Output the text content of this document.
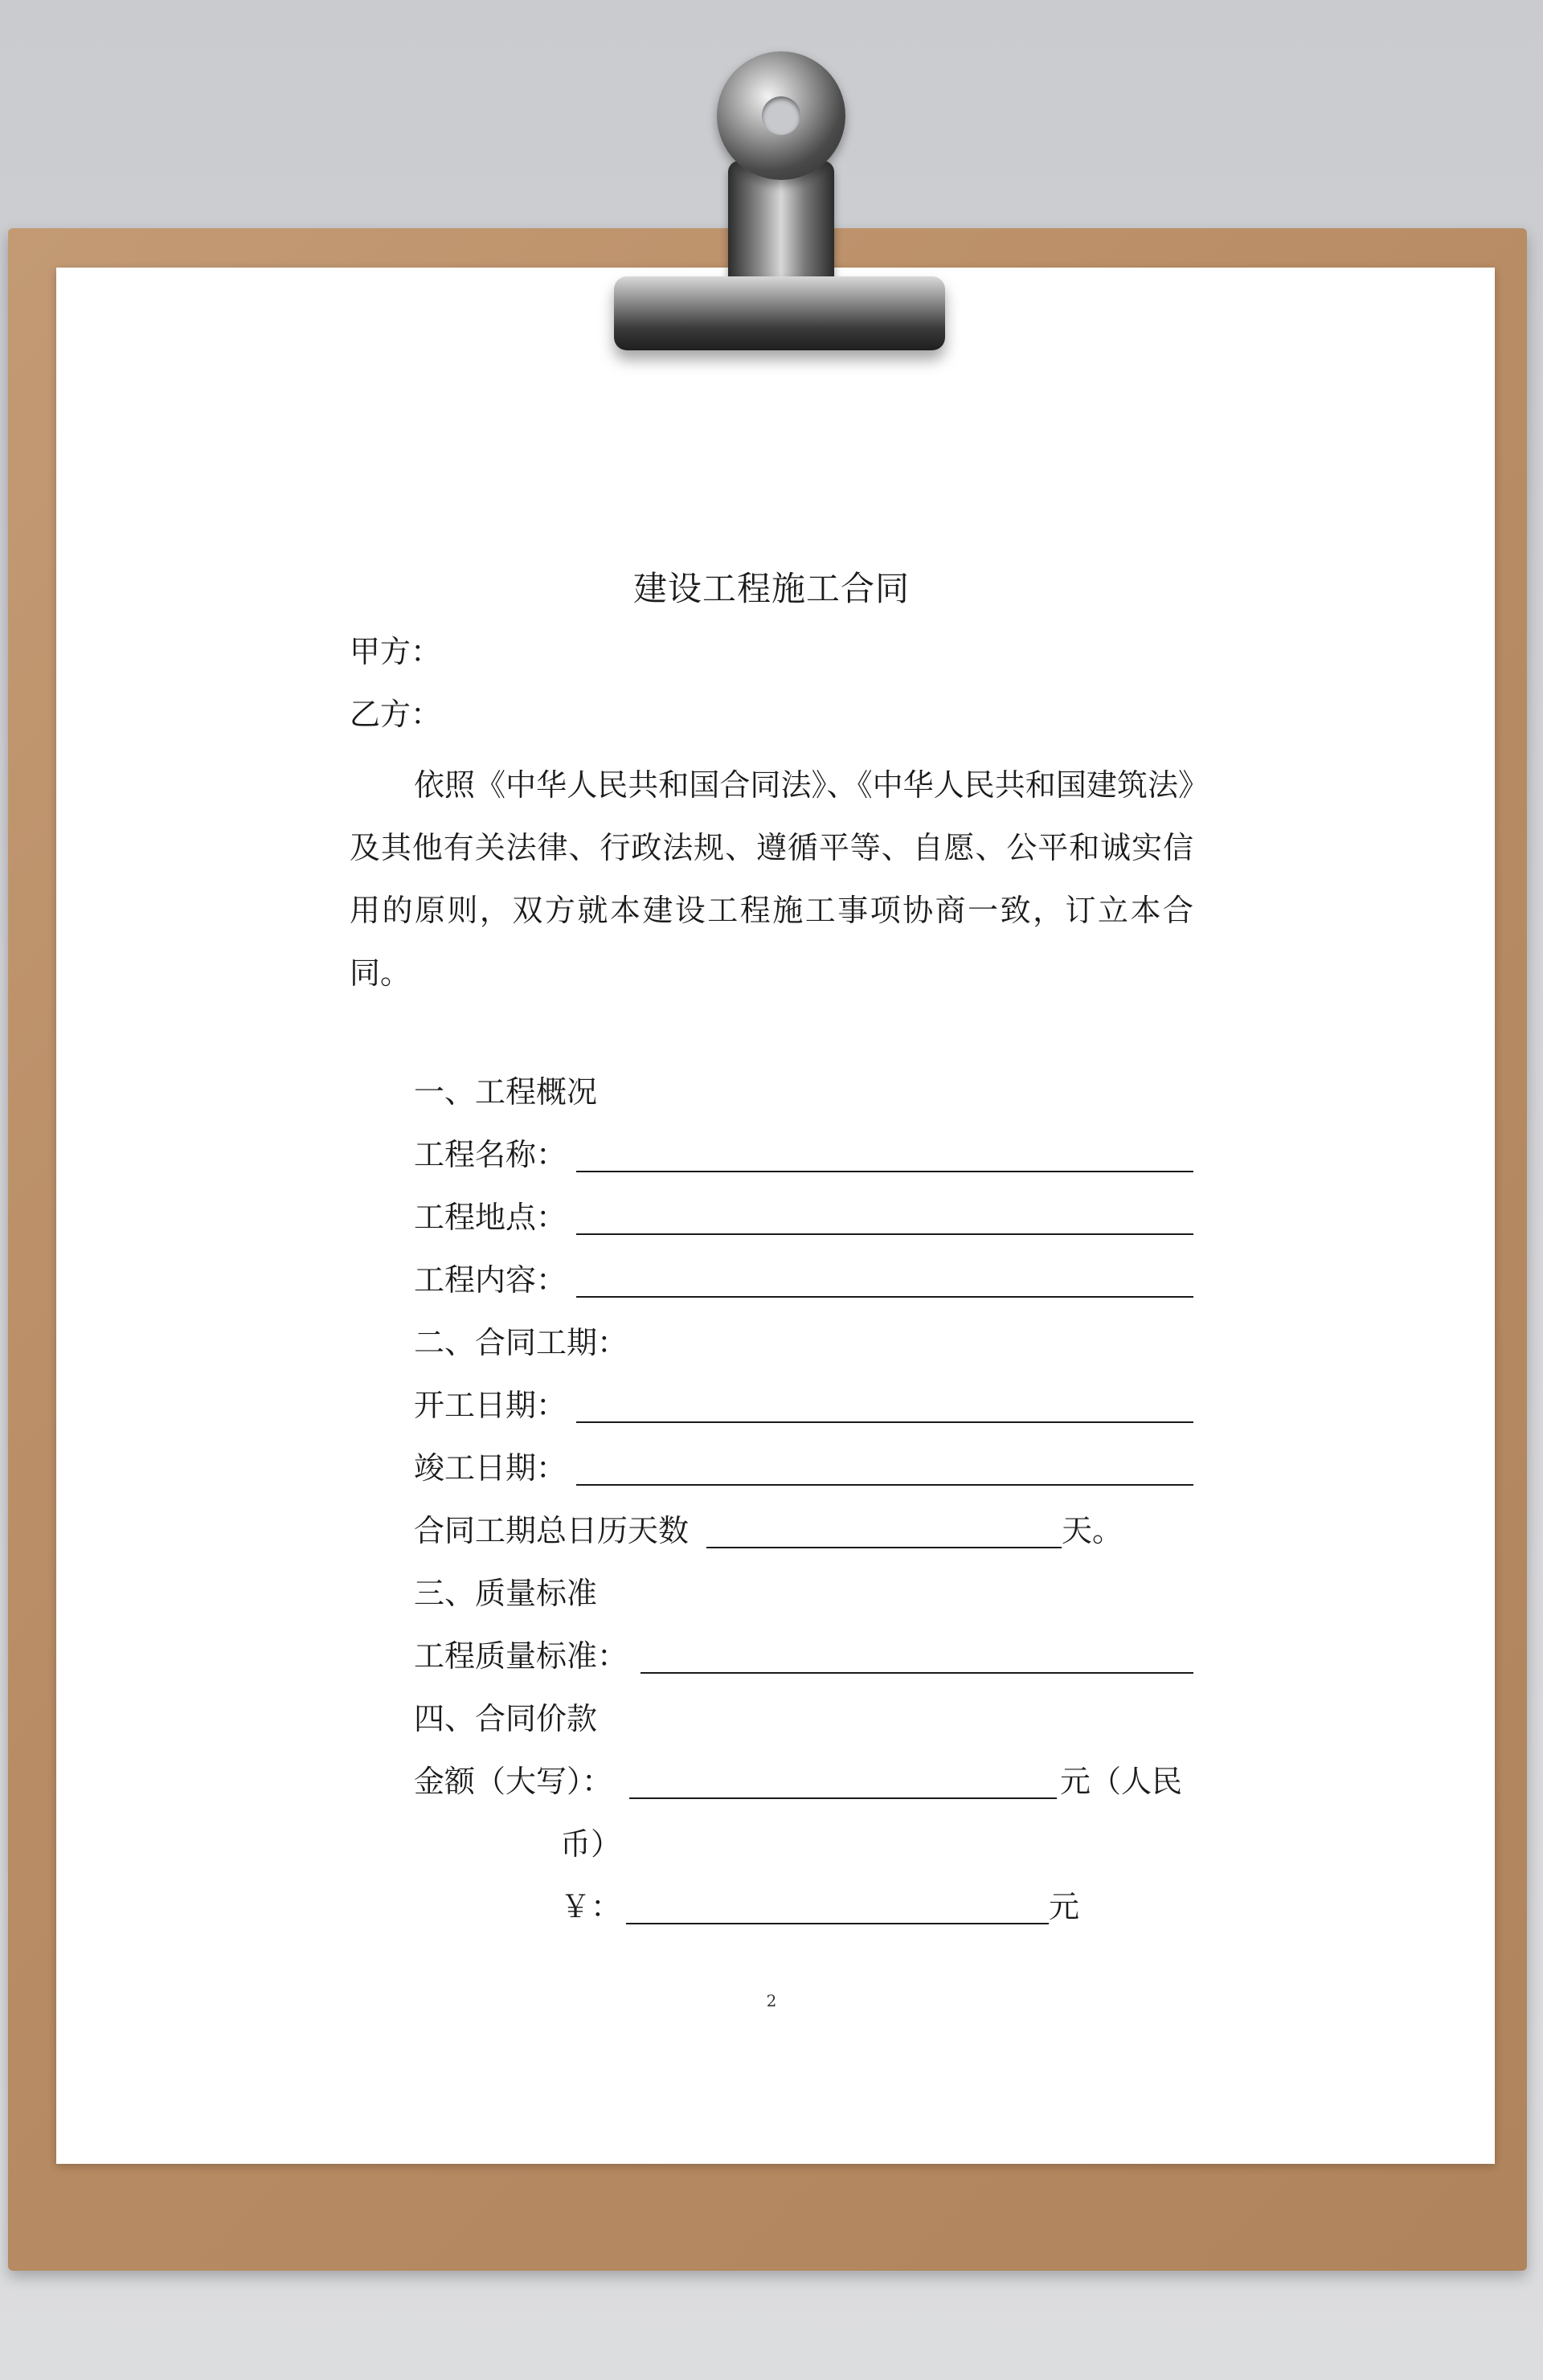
建设工程施工合同
甲方：
乙方：
依照《中华人民共和国合同法》、《中华人民共和国建筑法》及其他有关法律、行政法规、遵循平等、自愿、公平和诚实信用的原则，双方就本建设工程施工事项协商一致，订立本合同。
一、工程概况
工程名称：
工程地点：
工程内容：
二、合同工期：
开工日期：
竣工日期：
合同工期总日历天数	天。
三、质量标准
工程质量标准：
四、合同价款
金额（大写）：	元（人民
币）
￥：	元
2
